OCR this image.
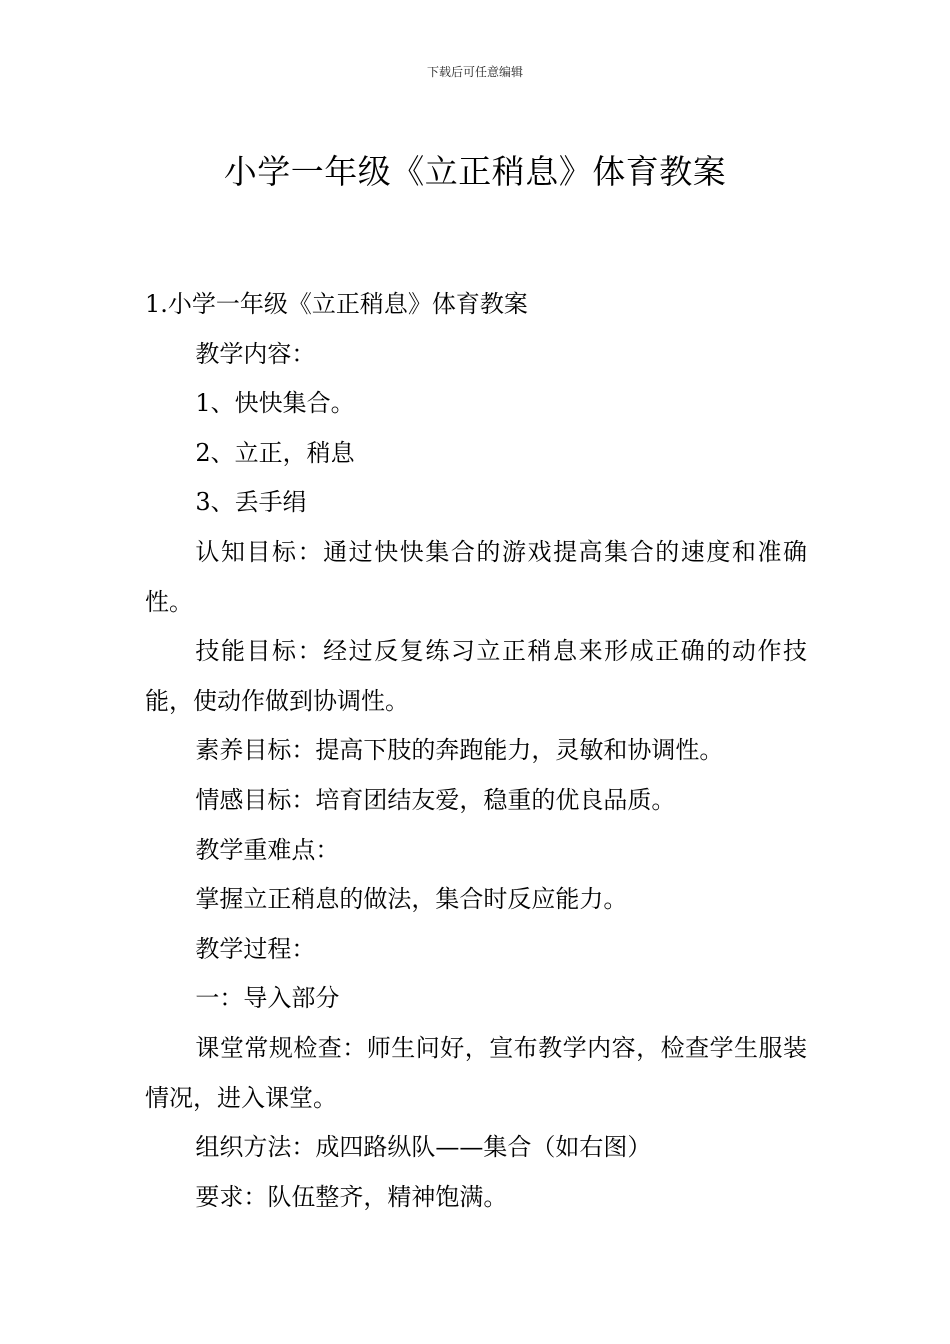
下载后可任意编辑
小学一年级《立正稍息》体育教案

1.小学一年级《立正稍息》体育教案

教学内容：

1、快快集合。

2、立正，稍息

3、丢手绢

认知目标：通过快快集合的游戏提高集合的速度和准确性。

技能目标：经过反复练习立正稍息来形成正确的动作技能，使动作做到协调性。

素养目标：提高下肢的奔跑能力，灵敏和协调性。

情感目标：培育团结友爱，稳重的优良品质。

教学重难点：

掌握立正稍息的做法，集合时反应能力。

教学过程：

一：导入部分

课堂常规检查：师生问好，宣布教学内容，检查学生服装情况，进入课堂。

组织方法：成四路纵队——集合（如右图）

要求：队伍整齐，精神饱满。
